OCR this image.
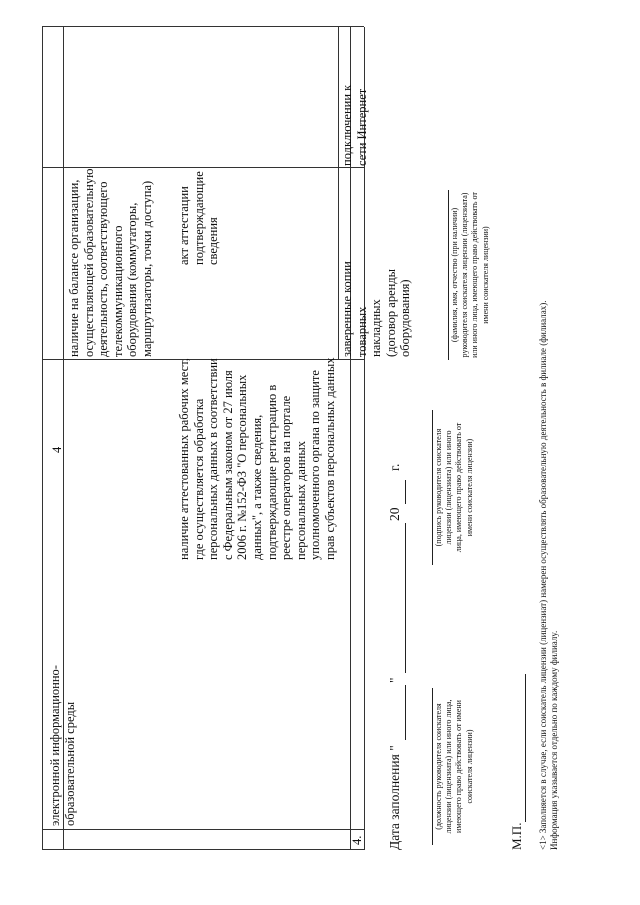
4
4.
электронной информационно- образовательной среды
подключении к сети Интернет
наличие на балансе организации, осуществляющей образовательную деятельность, соответствующего телекоммуникационного оборудования (коммутаторы, маршрутизаторы, точки доступа)	заверенные копии товарных накладных (договор аренды оборудования)
наличие аттестованных рабочих мест, где осуществляется обработка персональных данных в соответствии с Федеральным законом от 27 июля 2006 г. №152-ФЗ "О персональных данных", а также сведения, подтверждающие регистрацию в реестре операторов на портале персональных данных уполномоченного органа по защите прав субъектов персональных данных
акт аттестации подтверждающие сведения
Дата заполнения "
"
20
г.
(должность руководителя соискателя лицензии (лицензиата) или иного лица, имеющего право действовать от имени соискателя лицензии)
(подпись руководителя соискателя лицензии (лицензиата) или иного лица, имеющего право действовать от имени соискателя лицензии)
(фамилия, имя, отчество (при наличии) руководителя соискателя лицензии (лицензиата) или иного лица, имеющего право действовать от имени соискателя лицензии)
М.П. <1> Заполняется в случае, если соискатель лицензии (лицензиат) намерен осуществлять образовательную деятельность в филиале (филиалах). Информация указывается отдельно по каждому филиалу.
